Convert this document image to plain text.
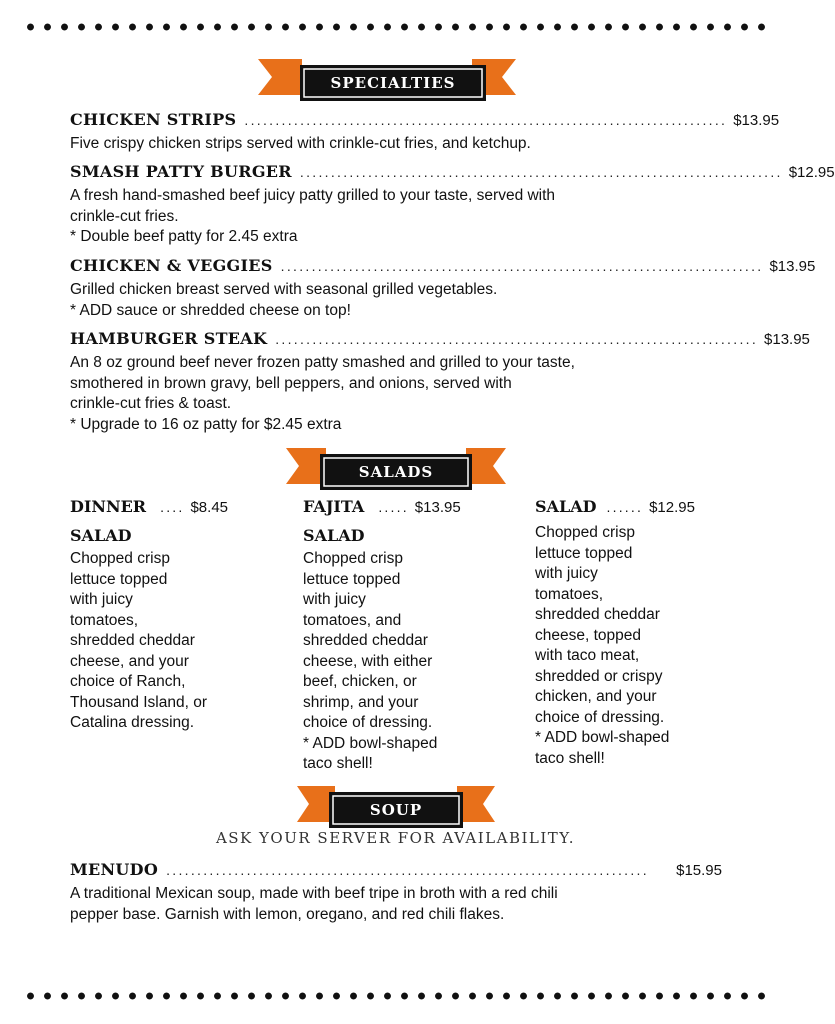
SPECIALTIES
CHICKEN STRIPS .............................................................................. $13.95
Five crispy chicken strips served with crinkle-cut fries, and ketchup.
SMASH PATTY BURGER .............................................................................. $12.95
A fresh hand-smashed beef juicy patty grilled to your taste, served with
crinkle-cut fries.
* Double beef patty for 2.45 extra
CHICKEN & VEGGIES .............................................................................. $13.95
Grilled chicken breast served with seasonal grilled vegetables.
* ADD sauce or shredded cheese on top!
HAMBURGER STEAK .............................................................................. $13.95
An 8 oz ground beef never frozen patty smashed and grilled to your taste,
smothered in brown gravy, bell peppers, and onions, served with
crinkle-cut fries & toast.
* Upgrade to 16 oz patty for $2.45 extra
SALADS
DINNER	.... $8.45
SALAD
Chopped crisp
lettuce topped
with juicy
tomatoes,
shredded cheddar
cheese, and your
choice of Ranch,
Thousand Island, or
Catalina dressing.
FAJITA	..... $13.95
SALAD
Chopped crisp
lettuce topped
with juicy
tomatoes, and
shredded cheddar
cheese, with either
beef, chicken, or
shrimp, and your
choice of dressing.
* ADD bowl-shaped
taco shell!
SALAD ...... $12.95
Chopped crisp
lettuce topped
with juicy
tomatoes,
shredded cheddar
cheese, topped
with taco meat,
shredded or crispy
chicken, and your
choice of dressing.
* ADD bowl-shaped
taco shell!
SOUP
ASK YOUR SERVER FOR AVAILABILITY.
MENUDO ..............................................................................	$15.95
A traditional Mexican soup, made with beef tripe in broth with a red chili
pepper base. Garnish with lemon, oregano, and red chili flakes.
